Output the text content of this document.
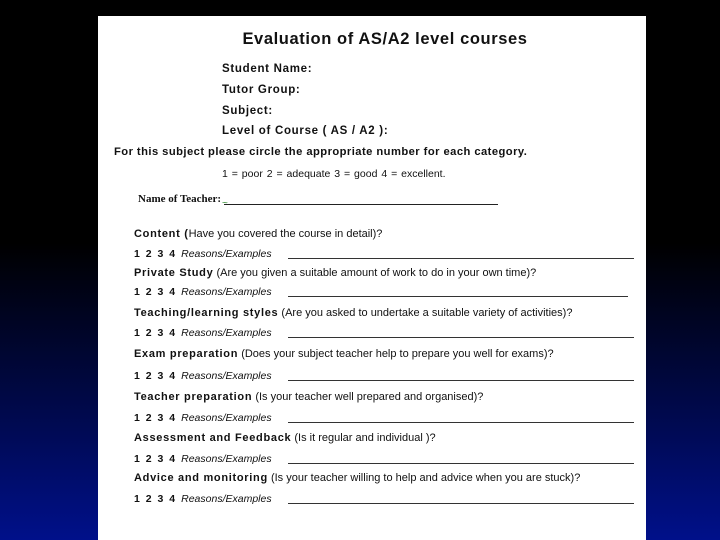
Evaluation of AS/A2 level courses
Student Name:
Tutor Group:
Subject:
Level of Course ( AS / A2 ):
For this subject please circle the appropriate number for each category.
1 = poor 2 = adequate 3 = good 4 = excellent.
Name of Teacher: ~
Content (Have you covered the course in detail)?
1 2 3 4 Reasons/Examples
Private Study (Are you given a suitable amount of work to do in your own time)?
1 2 3 4 Reasons/Examples
Teaching/learning styles (Are you asked to undertake a suitable variety of activities)?
1 2 3 4 Reasons/Examples
Exam preparation (Does your subject teacher help to prepare you well for exams)?
1 2 3 4 Reasons/Examples
Teacher preparation (Is your teacher well prepared and organised)?
1 2 3 4 Reasons/Examples
Assessment and Feedback (Is it regular and individual )?
1 2 3 4 Reasons/Examples
Advice and monitoring (Is your teacher willing to help and advice when you are stuck)?
1 2 3 4 Reasons/Examples
